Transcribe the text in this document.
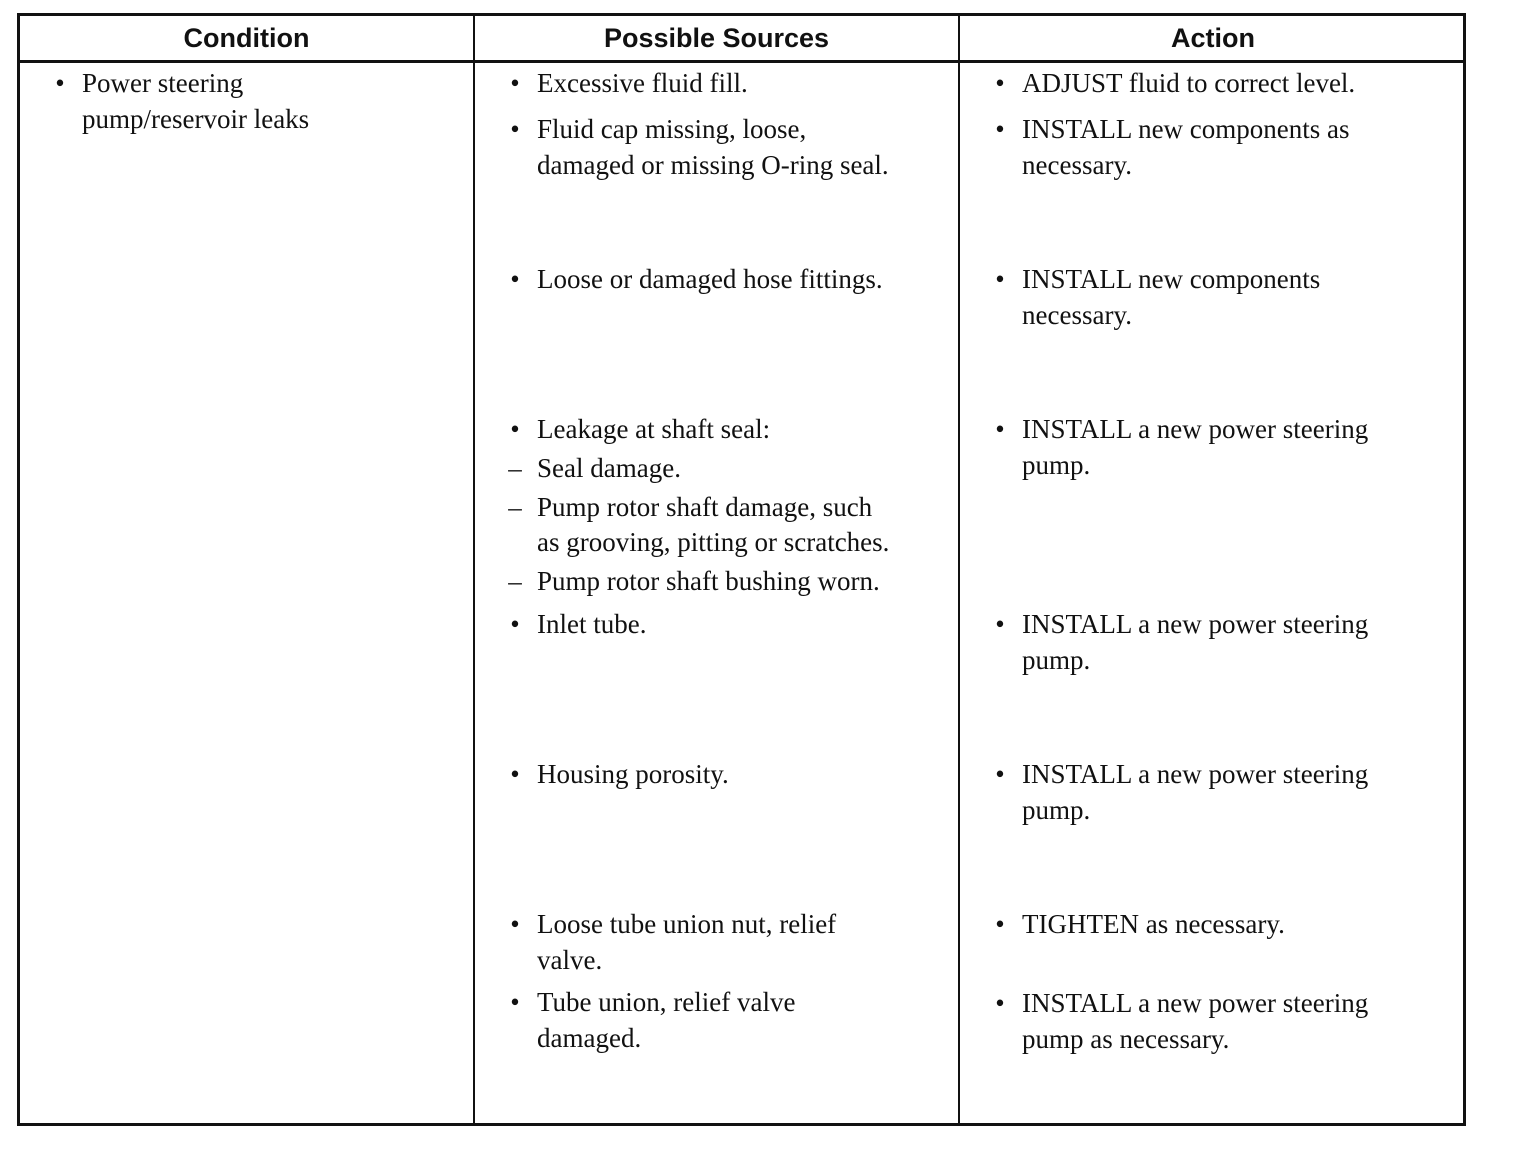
Condition	Possible Sources	Action
• Power steering
pump/reservoir leaks
• Excessive fluid fill.
• Fluid cap missing, loose,
damaged or missing O-ring seal.
• Loose or damaged hose fittings.
• Leakage at shaft seal:
– Seal damage.
– Pump rotor shaft damage, such
as grooving, pitting or scratches.
– Pump rotor shaft bushing worn.
• Inlet tube.
• Housing porosity.
• Loose tube union nut, relief
valve.
• Tube union, relief valve
damaged.
• ADJUST fluid to correct level.
• INSTALL new components as
necessary.
• INSTALL new components
necessary.
• INSTALL a new power steering
pump.
• INSTALL a new power steering
pump.
• INSTALL a new power steering
pump.
• TIGHTEN as necessary.
• INSTALL a new power steering
pump as necessary.
